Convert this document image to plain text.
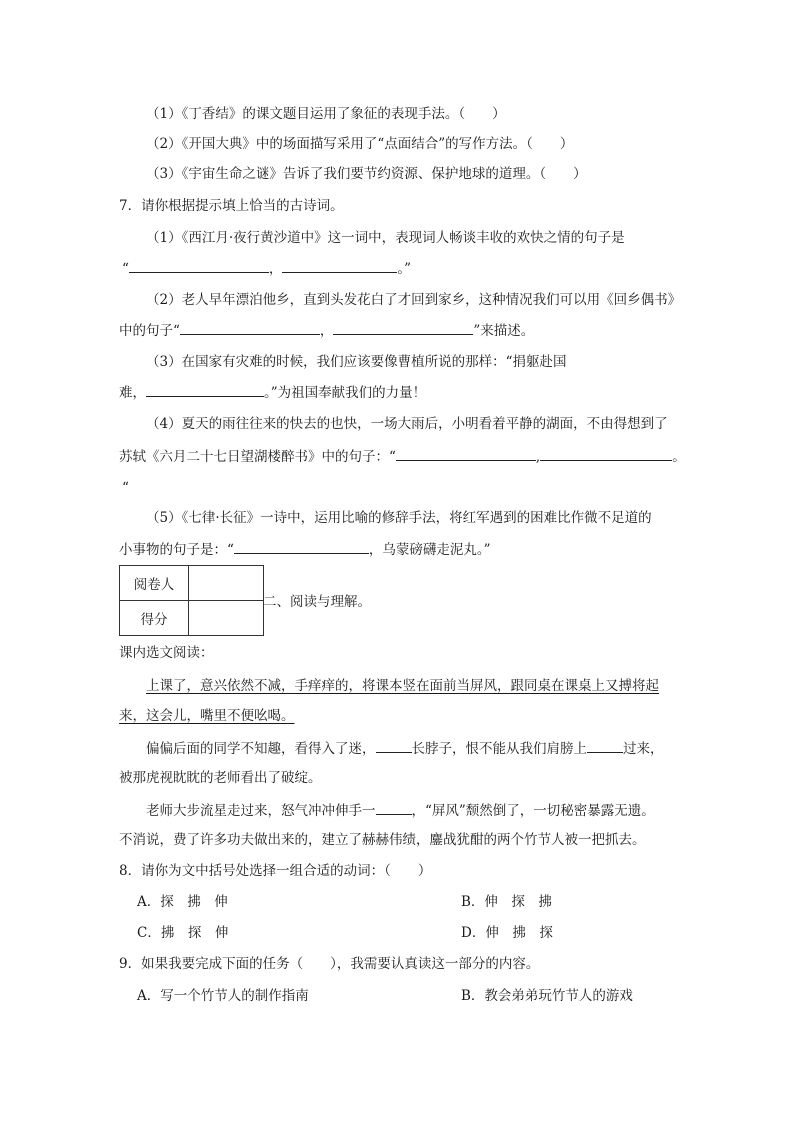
（1）《丁香结》的课文题目运用了象征的表现手法。（　　）
（2）《开国大典》中的场面描写采用了“点面结合”的写作方法。（　　）
（3）《宇宙生命之谜》告诉了我们要节约资源、保护地球的道理。（　　）
7．请你根据提示填上恰当的古诗词。
（1）《西江月·夜行黄沙道中》这一词中，表现词人畅谈丰收的欢快之情的句子是
“	，	。”
（2）老人早年漂泊他乡，直到头发花白了才回到家乡，这种情况我们可以用《回乡偶书》
中的句子“	，	”来描述。
（3）在国家有灾难的时候，我们应该要像曹植所说的那样：“捐躯赴国
难，	。”为祖国奉献我们的力量！
（4）夏天的雨往往来的快去的也快，一场大雨后，小明看着平静的湖面，不由得想到了
苏轼《六月二十七日望湖楼醉书》中的句子：“	,	。
“
（5）《七律·长征》一诗中，运用比喻的修辞手法，将红军遇到的困难比作微不足道的
小事物的句子是：“	，乌蒙磅礴走泥丸。”
阅卷人	
得分	
二、阅读与理解。
课内选文阅读：
上课了，意兴依然不减，手痒痒的，将课本竖在面前当屏风，跟同桌在课桌上又搏将起
来，这会儿，嘴里不便吆喝。
偏偏后面的同学不知趣，看得入了迷，	长脖子，恨不能从我们肩膀上	过来，
被那虎视眈眈的老师看出了破绽。
老师大步流星走过来，怒气冲冲伸手一	，“屏风”颓然倒了，一切秘密暴露无遗。
不消说，费了许多功夫做出来的，建立了赫赫伟绩，鏖战犹酣的两个竹节人被一把抓去。
8．请你为文中括号处选择一组合适的动词：（　　）
A．探　拂　伸	B．伸　探　拂
C．拂　探　伸	D．伸　拂　探
9．如果我要完成下面的任务（　　），我需要认真读这一部分的内容。
A．写一个竹节人的制作指南	B．教会弟弟玩竹节人的游戏
